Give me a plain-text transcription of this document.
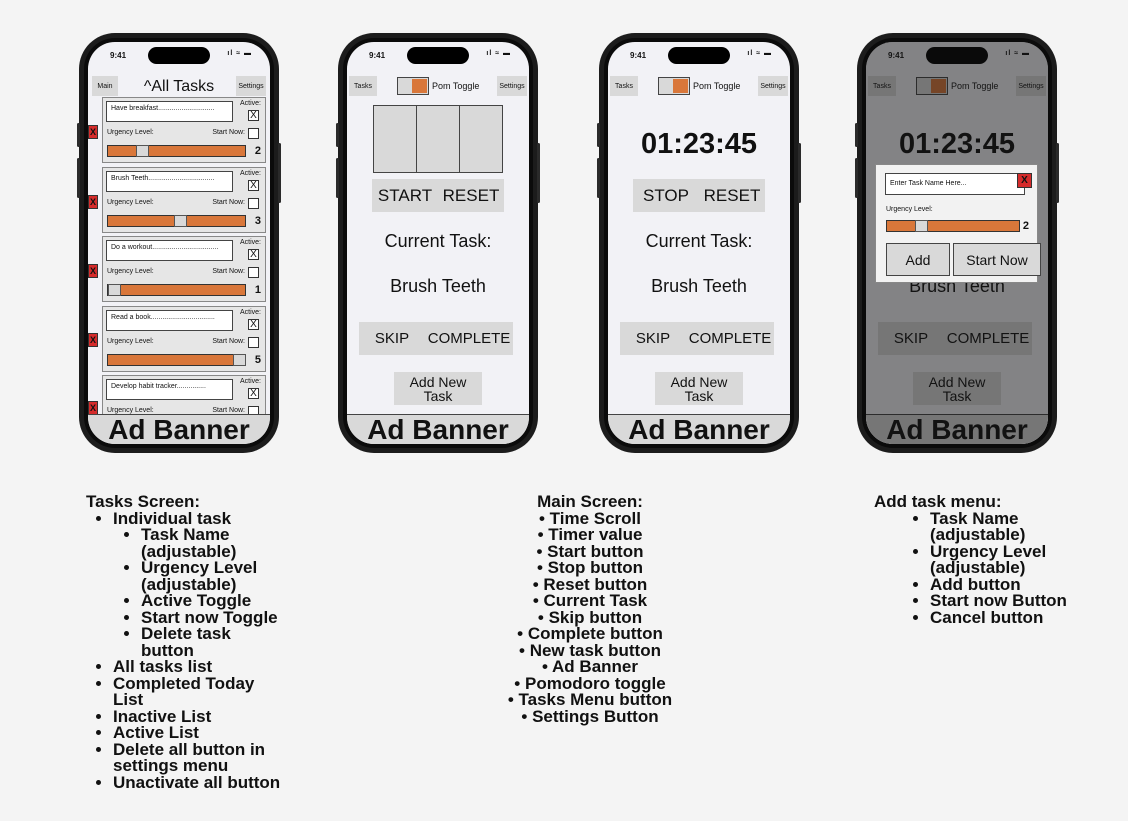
9:41	ıl ≈ ▬
Main	^All Tasks	Settings
X
Have breakfast.............................
Active:
X
Urgency Level:	Start Now:
2
X
Brush Teeth..................................
Active:
X
Urgency Level:	Start Now:
3
X
Do a workout..................................
Active:
X
Urgency Level:	Start Now:
1
X
Read a book.................................
Active:
X
Urgency Level:	Start Now:
5
X
Develop habit tracker...............
Active:
X
Urgency Level:	Start Now:
Ad Banner
9:41	ıl ≈ ▬
Tasks	Pom Toggle	Settings
START RESET
Current Task:
Brush Teeth
SKIP	COMPLETE
Add New
Task
Ad Banner
9:41	ıl ≈ ▬
Tasks	Pom Toggle	Settings
01:23:45
STOP RESET
Current Task:
Brush Teeth
SKIP	COMPLETE
Add New
Task
Ad Banner
Enter Task Name Here...	X
Urgency Level:
2
Add	Start Now
Tasks Screen:
• Individual task
• Task Name
(adjustable)
• Urgency Level
(adjustable)
• Active Toggle
• Start now Toggle
• Delete task
button
• All tasks list
• Completed Today
List
• Inactive List
• Active List
• Delete all button in
settings menu
• Unactivate all button
Main Screen:
• Time Scroll
• Timer value
• Start button
• Stop button
• Reset button
• Current Task
• Skip button
• Complete button
• New task button
• Ad Banner
• Pomodoro toggle
• Tasks Menu button
• Settings Button
Add task menu:
• Task Name
(adjustable)
• Urgency Level
(adjustable)
• Add button
• Start now Button
• Cancel button
